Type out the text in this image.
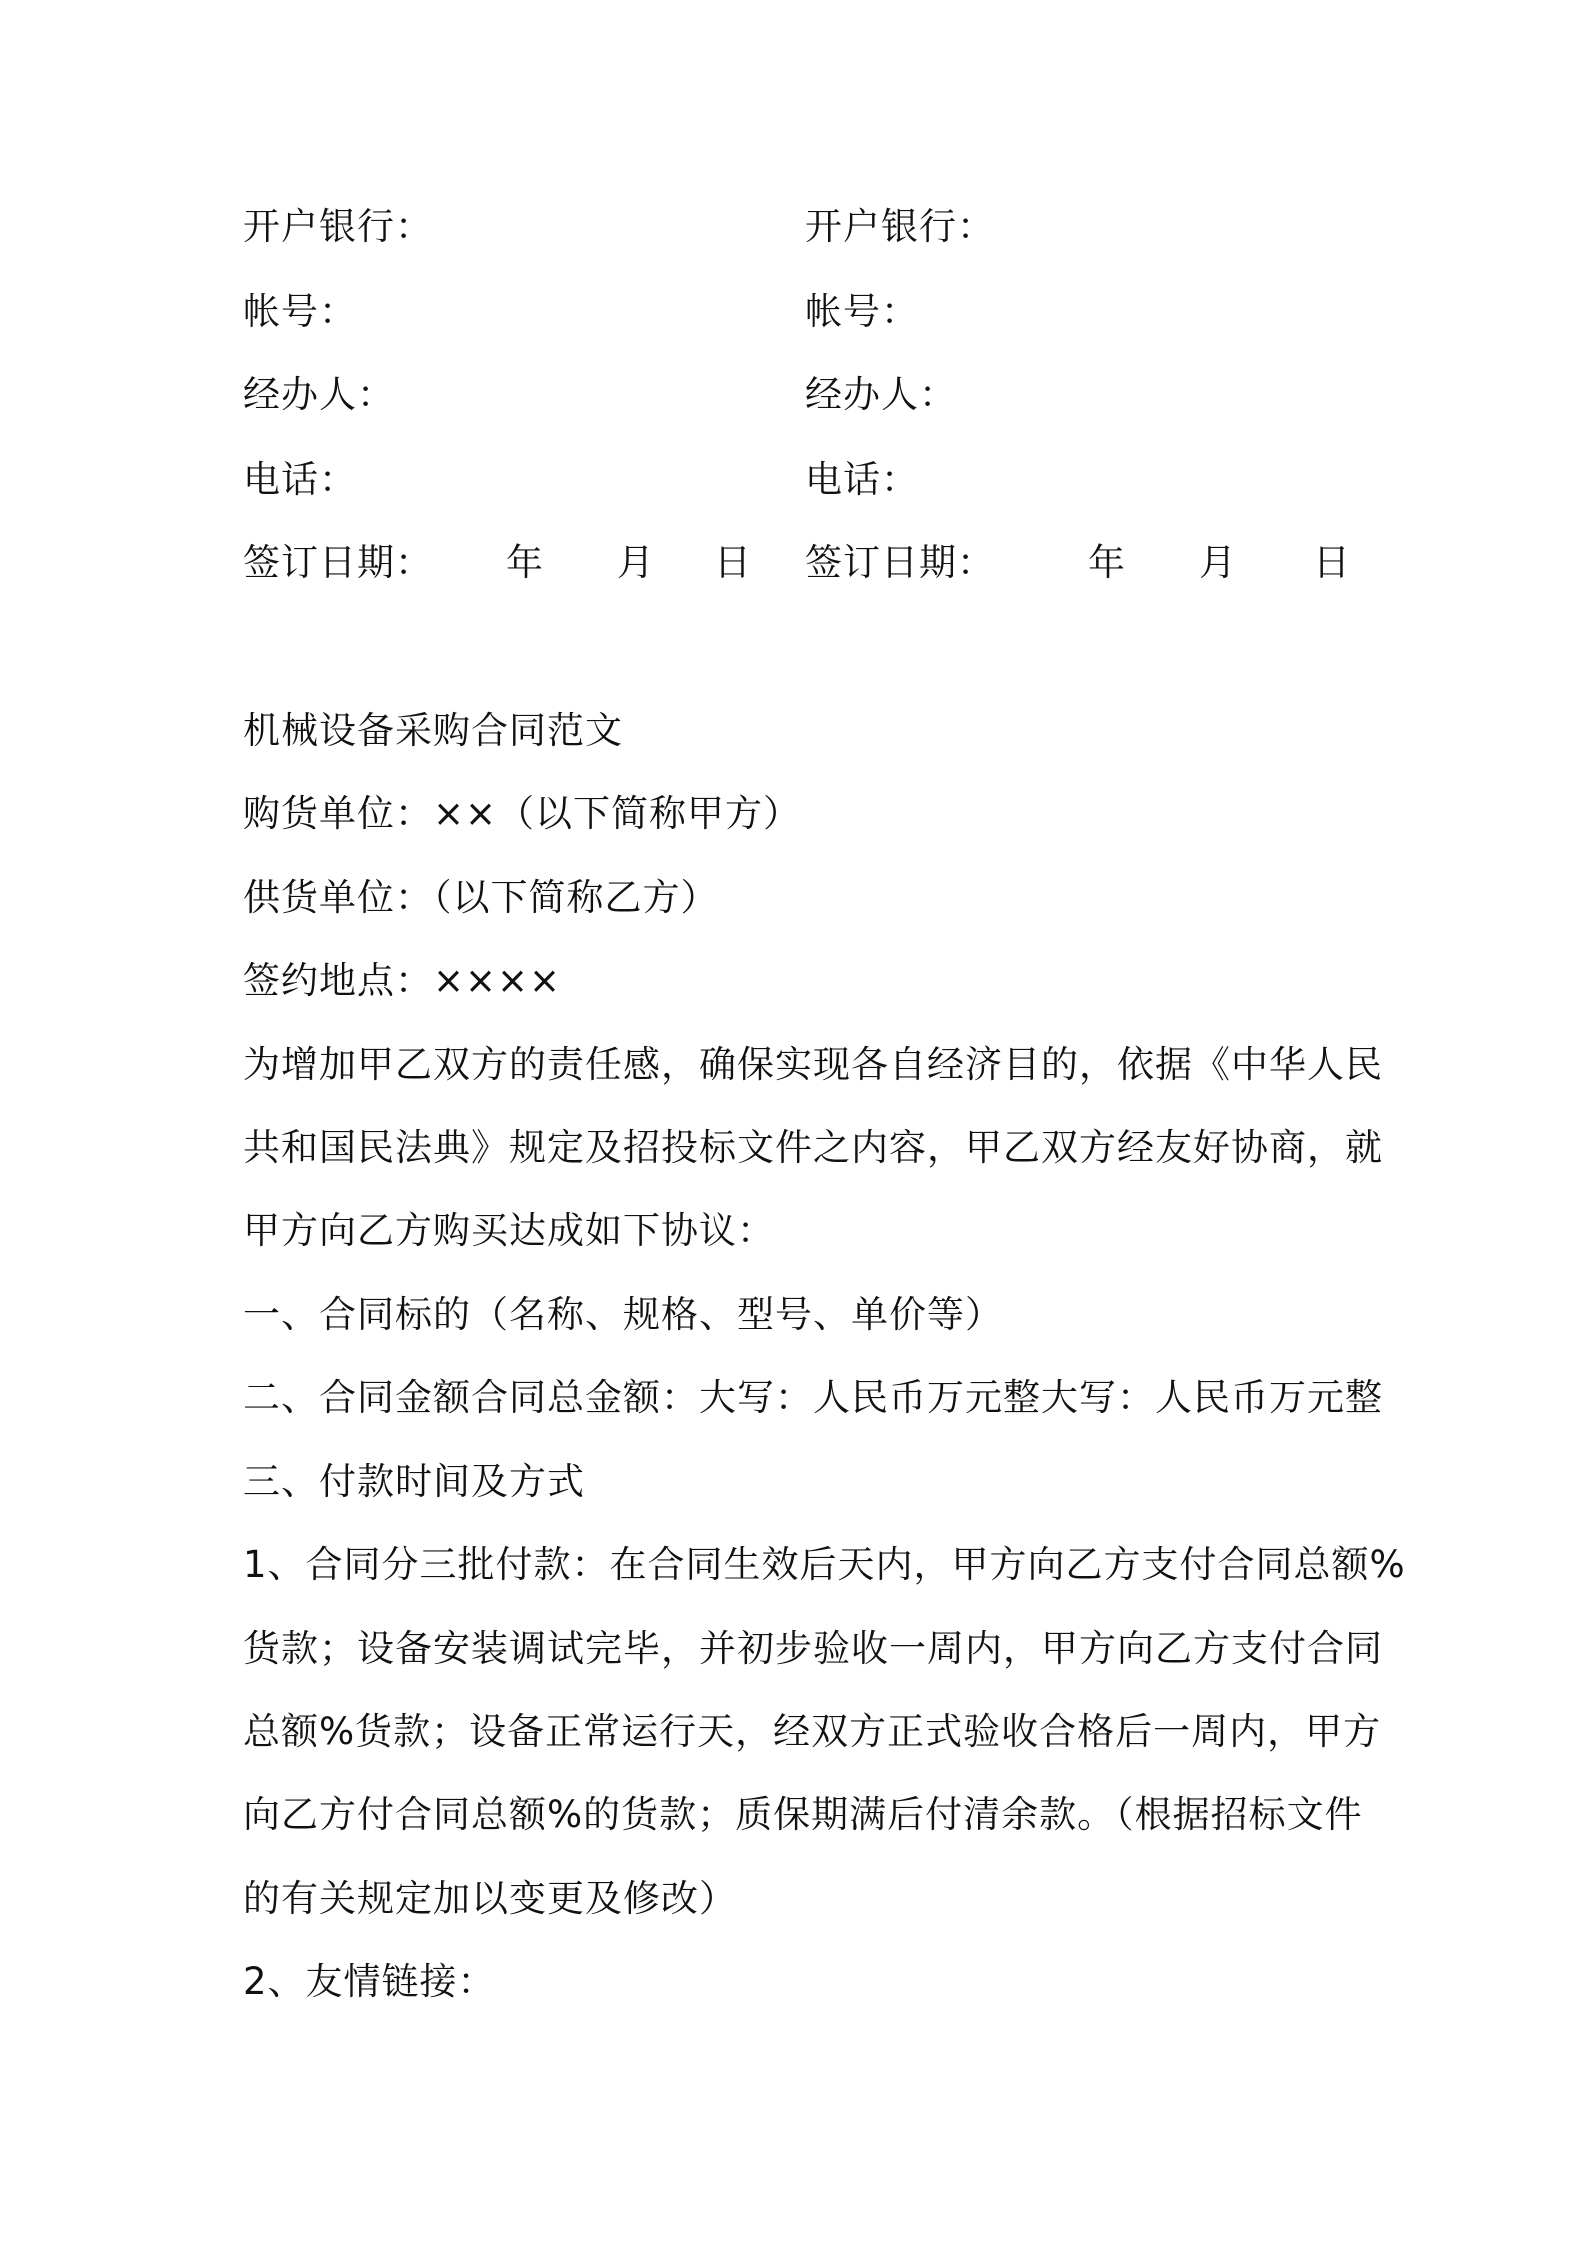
开户银行：
帐号：
经办人：
电话：
签订日期： 年 月 日
开户银行：
帐号：
经办人：
电话：
签订日期：	年 月 日
机械设备采购合同范文
购货单位：××（以下简称甲方）
供货单位：（以下简称乙方）
签约地点：××××
为增加甲乙双方的责任感，确保实现各自经济目的，依据《中华人民
共和国民法典》规定及招投标文件之内容，甲乙双方经友好协商，就
甲方向乙方购买达成如下协议：
一、合同标的（名称、规格、型号、单价等）
二、合同金额合同总金额：大写：人民币万元整大写：人民币万元整
三、付款时间及方式
1、合同分三批付款：在合同生效后天内，甲方向乙方支付合同总额%
货款；设备安装调试完毕，并初步验收一周内，甲方向乙方支付合同
总额%货款；设备正常运行天，经双方正式验收合格后一周内，甲方
向乙方付合同总额%的货款；质保期满后付清余款。（根据招标文件
的有关规定加以变更及修改）
2、友情链接：
